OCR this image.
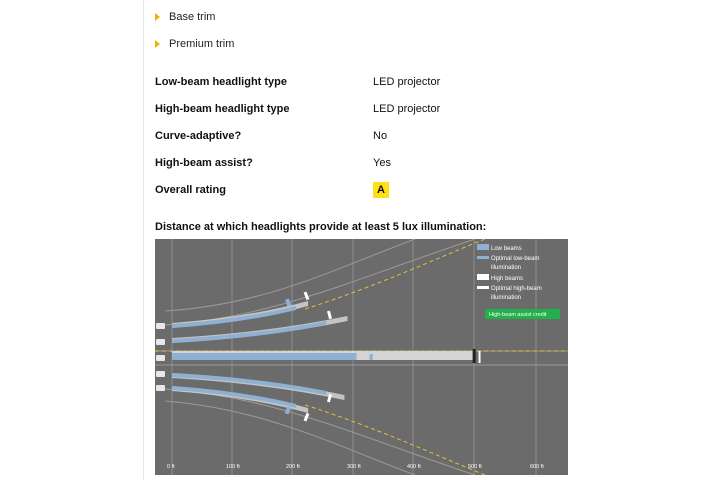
Base trim
Premium trim
Low-beam headlight type	LED projector
High-beam headlight type	LED projector
Curve-adaptive?	No
High-beam assist?	Yes
Overall rating	A
Distance at which headlights provide at least 5 lux illumination:
Low beams
Optimal low-beam
illumination
High beams
Optimal high-beam
illumination
High-beam assist credit
0 ft	100 ft	200 ft	300 ft	400 ft	500 ft	600 ft
